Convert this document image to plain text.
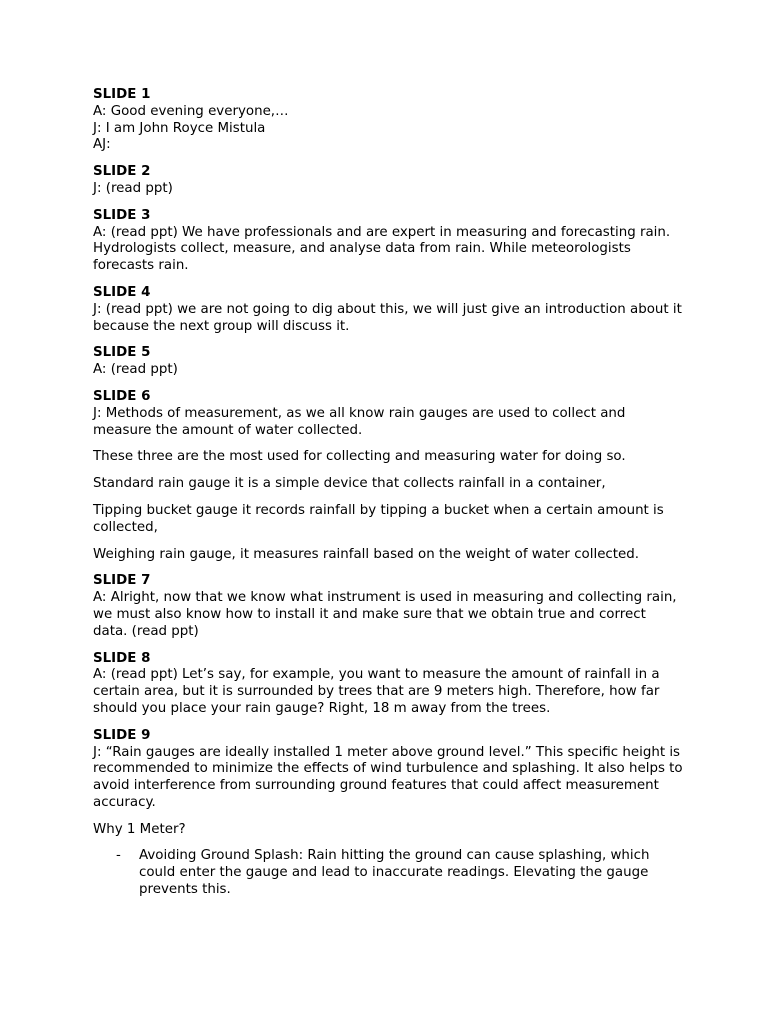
SLIDE 1
A: Good evening everyone,…
J: I am John Royce Mistula
AJ:
SLIDE 2
J: (read ppt)
SLIDE 3
A: (read ppt) We have professionals and are expert in measuring and forecasting rain. Hydrologists collect, measure, and analyse data from rain. While meteorologists forecasts rain.
SLIDE 4
J: (read ppt) we are not going to dig about this, we will just give an introduction about it because the next group will discuss it.
SLIDE 5
A: (read ppt)
SLIDE 6
J: Methods of measurement, as we all know rain gauges are used to collect and measure the amount of water collected.

These three are the most used for collecting and measuring water for doing so.

Standard rain gauge it is a simple device that collects rainfall in a container,

Tipping bucket gauge it records rainfall by tipping a bucket when a certain amount is collected,

Weighing rain gauge, it measures rainfall based on the weight of water collected.

SLIDE 7
A: Alright, now that we know what instrument is used in measuring and collecting rain, we must also know how to install it and make sure that we obtain true and correct data. (read ppt)
SLIDE 8
A: (read ppt) Let’s say, for example, you want to measure the amount of rainfall in a certain area, but it is surrounded by trees that are 9 meters high. Therefore, how far should you place your rain gauge? Right, 18 m away from the trees.
SLIDE 9
J: “Rain gauges are ideally installed 1 meter above ground level.” This specific height is recommended to minimize the effects of wind turbulence and splashing. It also helps to avoid interference from surrounding ground features that could affect measurement accuracy.

Why 1 Meter?

- Avoiding Ground Splash: Rain hitting the ground can cause splashing, which could enter the gauge and lead to inaccurate readings. Elevating the gauge prevents this.
